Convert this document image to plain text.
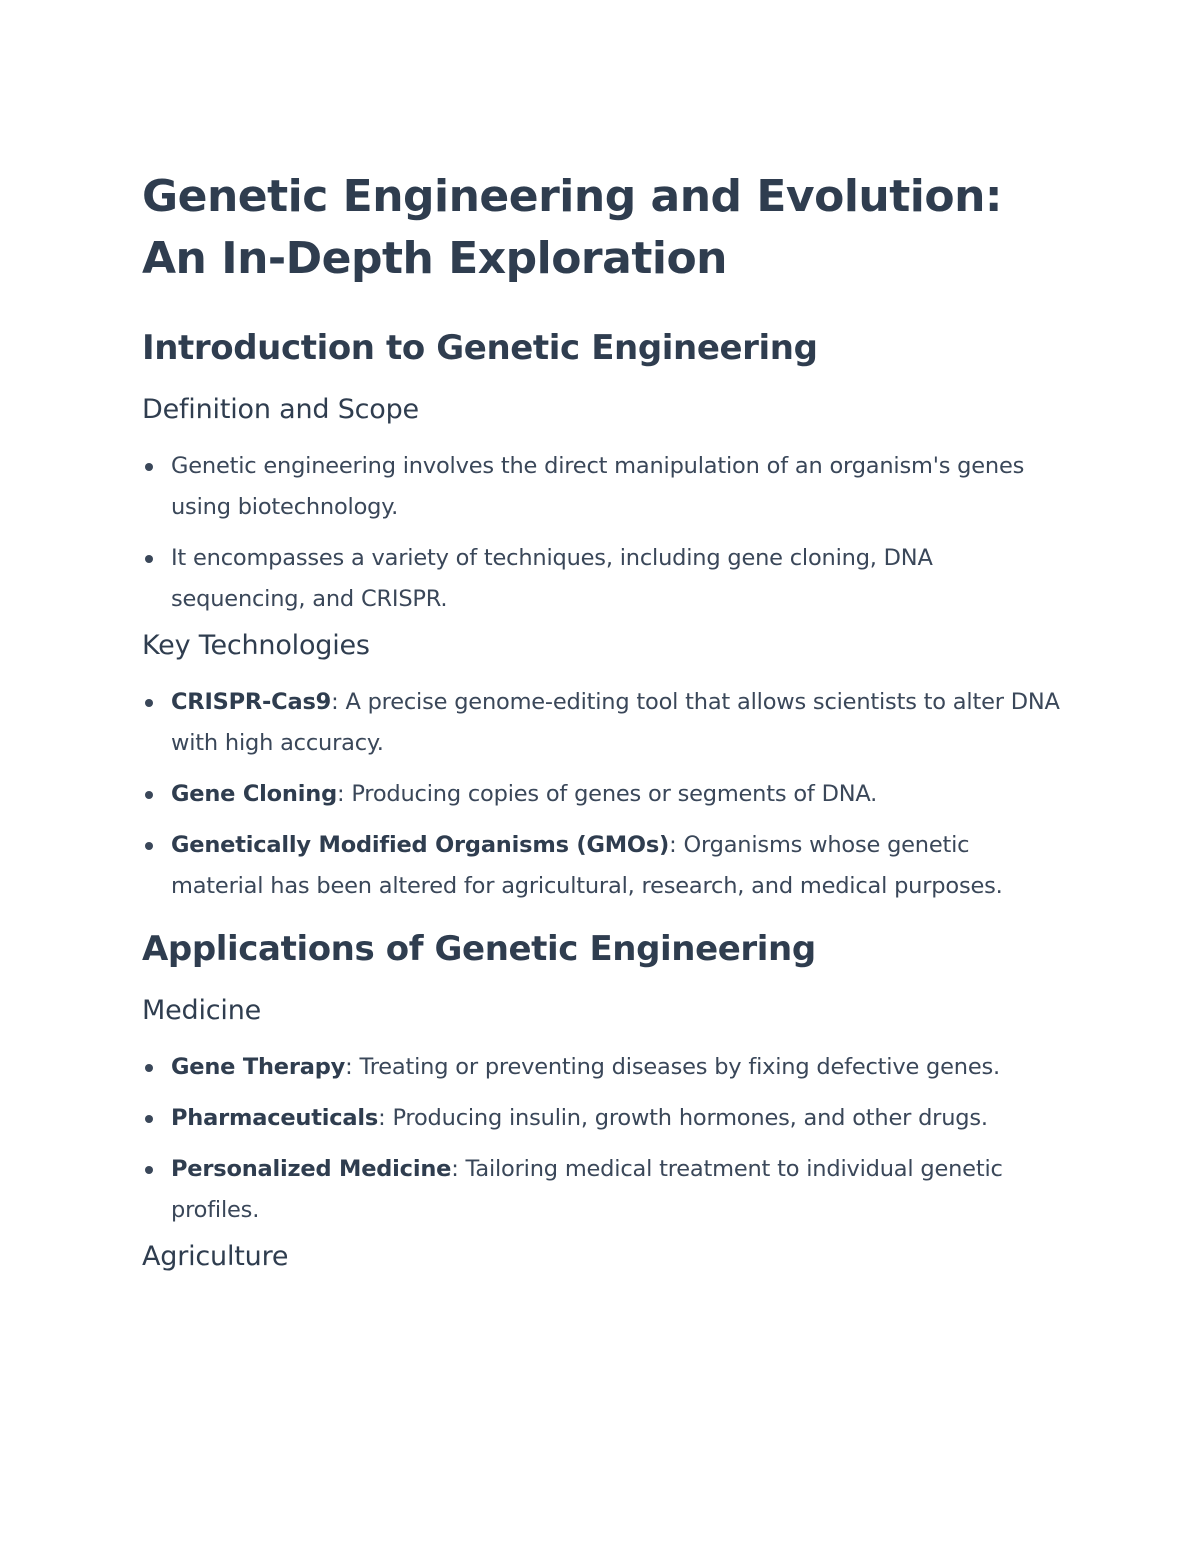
Genetic Engineering and Evolution: An In-Depth Exploration
Introduction to Genetic Engineering
Definition and Scope
Genetic engineering involves the direct manipulation of an organism's genes using biotechnology.
It encompasses a variety of techniques, including gene cloning, DNA sequencing, and CRISPR.
Key Technologies
CRISPR-Cas9: A precise genome-editing tool that allows scientists to alter DNA with high accuracy.
Gene Cloning: Producing copies of genes or segments of DNA.
Genetically Modified Organisms (GMOs): Organisms whose genetic material has been altered for agricultural, research, and medical purposes.
Applications of Genetic Engineering
Medicine
Gene Therapy: Treating or preventing diseases by fixing defective genes.
Pharmaceuticals: Producing insulin, growth hormones, and other drugs.
Personalized Medicine: Tailoring medical treatment to individual genetic profiles.
Agriculture
